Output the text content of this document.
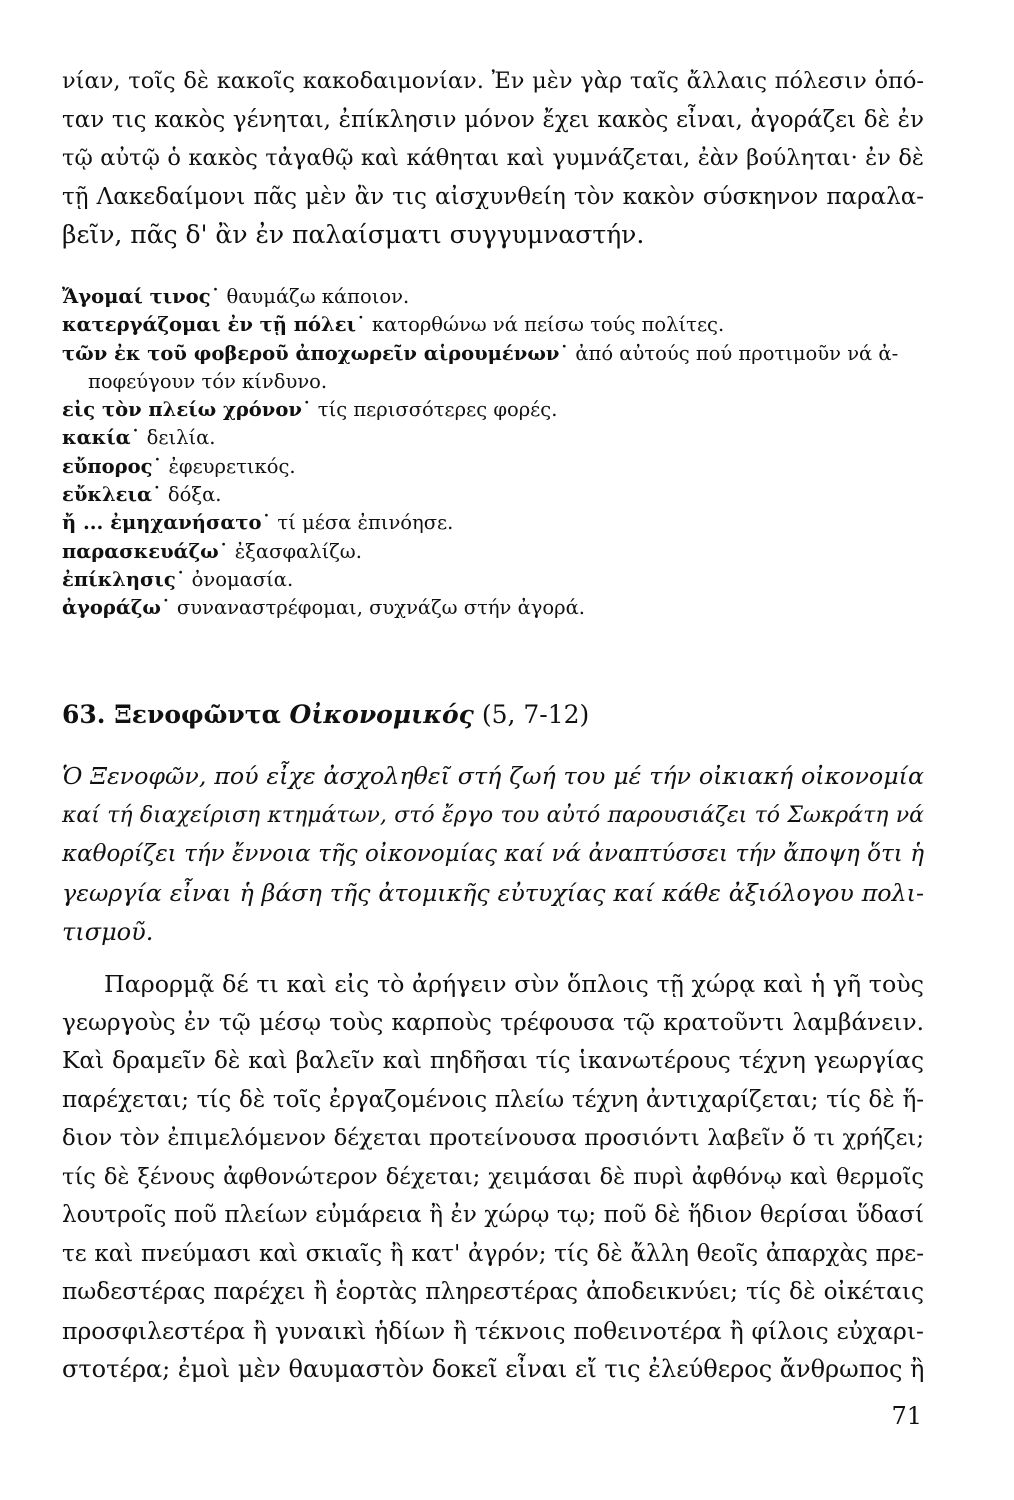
νίαν, τοῖς δὲ κακοῖς κακοδαιμονίαν. Ἐν μὲν γὰρ ταῖς ἄλλαις πόλεσιν ὁπό-
ταν τις κακὸς γένηται, ἐπίκλησιν μόνον ἔχει κακὸς εἶναι, ἀγοράζει δὲ ἐν
τῷ αὐτῷ ὁ κακὸς τἀγαθῷ καὶ κάθηται καὶ γυμνάζεται, ἐὰν βούληται· ἐν δὲ
τῇ Λακεδαίμονι πᾶς μὲν ἂν τις αἰσχυνθείη τὸν κακὸν σύσκηνον παραλα-
βεῖν, πᾶς δ' ἂν ἐν παλαίσματι συγγυμναστήν.
Ἄγομαί τινος˙ θαυμάζω κάποιον.
κατεργάζομαι ἐν τῇ πόλει˙ κατορθώνω νά πείσω τούς πολίτες.
τῶν ἐκ τοῦ φοβεροῦ ἀποχωρεῖν αἱρουμένων˙ ἀπό αὐτούς πού προτιμοῦν νά ἀ-
ποφεύγουν τόν κίνδυνο.
εἰς τὸν πλείω χρόνον˙ τίς περισσότερες φορές.
κακία˙ δειλία.
εὔπορος˙ ἐφευρετικός.
εὔκλεια˙ δόξα.
ἤ ... ἐμηχανήσατο˙ τί μέσα ἐπινόησε.
παρασκευάζω˙ ἐξασφαλίζω.
ἐπίκλησις˙ ὀνομασία.
ἀγοράζω˙ συναναστρέφομαι, συχνάζω στήν ἀγορά.
63. Ξενοφῶντα Οἰκονομικός (5, 7-12)
Ὁ Ξενοφῶν, πού εἶχε ἀσχοληθεῖ στή ζωή του μέ τήν οἰκιακή οἰκονομία
καί τή διαχείριση κτημάτων, στό ἔργο του αὐτό παρουσιάζει τό Σωκράτη νά
καθορίζει τήν ἔννοια τῆς οἰκονομίας καί νά ἀναπτύσσει τήν ἄποψη ὅτι ἡ
γεωργία εἶναι ἡ βάση τῆς ἀτομικῆς εὐτυχίας καί κάθε ἀξιόλογου πολι-
τισμοῦ.
Παρορμᾷ δέ τι καὶ εἰς τὸ ἀρήγειν σὺν ὅπλοις τῇ χώρᾳ καὶ ἡ γῆ τοὺς
γεωργοὺς ἐν τῷ μέσῳ τοὺς καρποὺς τρέφουσα τῷ κρατοῦντι λαμβάνειν.
Καὶ δραμεῖν δὲ καὶ βαλεῖν καὶ πηδῆσαι τίς ἱκανωτέρους τέχνη γεωργίας
παρέχεται; τίς δὲ τοῖς ἐργαζομένοις πλείω τέχνη ἀντιχαρίζεται; τίς δὲ ἥ-
διον τὸν ἐπιμελόμενον δέχεται προτείνουσα προσιόντι λαβεῖν ὅ τι χρήζει;
τίς δὲ ξένους ἀφθονώτερον δέχεται; χειμάσαι δὲ πυρὶ ἀφθόνῳ καὶ θερμοῖς
λουτροῖς ποῦ πλείων εὐμάρεια ἢ ἐν χώρῳ τῳ; ποῦ δὲ ἥδιον θερίσαι ὕδασί
τε καὶ πνεύμασι καὶ σκιαῖς ἢ κατ' ἀγρόν; τίς δὲ ἄλλη θεοῖς ἀπαρχὰς πρε-
πωδεστέρας παρέχει ἢ ἑορτὰς πληρεστέρας ἀποδεικνύει; τίς δὲ οἰκέταις
προσφιλεστέρα ἢ γυναικὶ ἡδίων ἢ τέκνοις ποθεινοτέρα ἢ φίλοις εὐχαρι-
στοτέρα; ἐμοὶ μὲν θαυμαστὸν δοκεῖ εἶναι εἴ τις ἐλεύθερος ἄνθρωπος ἢ
71
